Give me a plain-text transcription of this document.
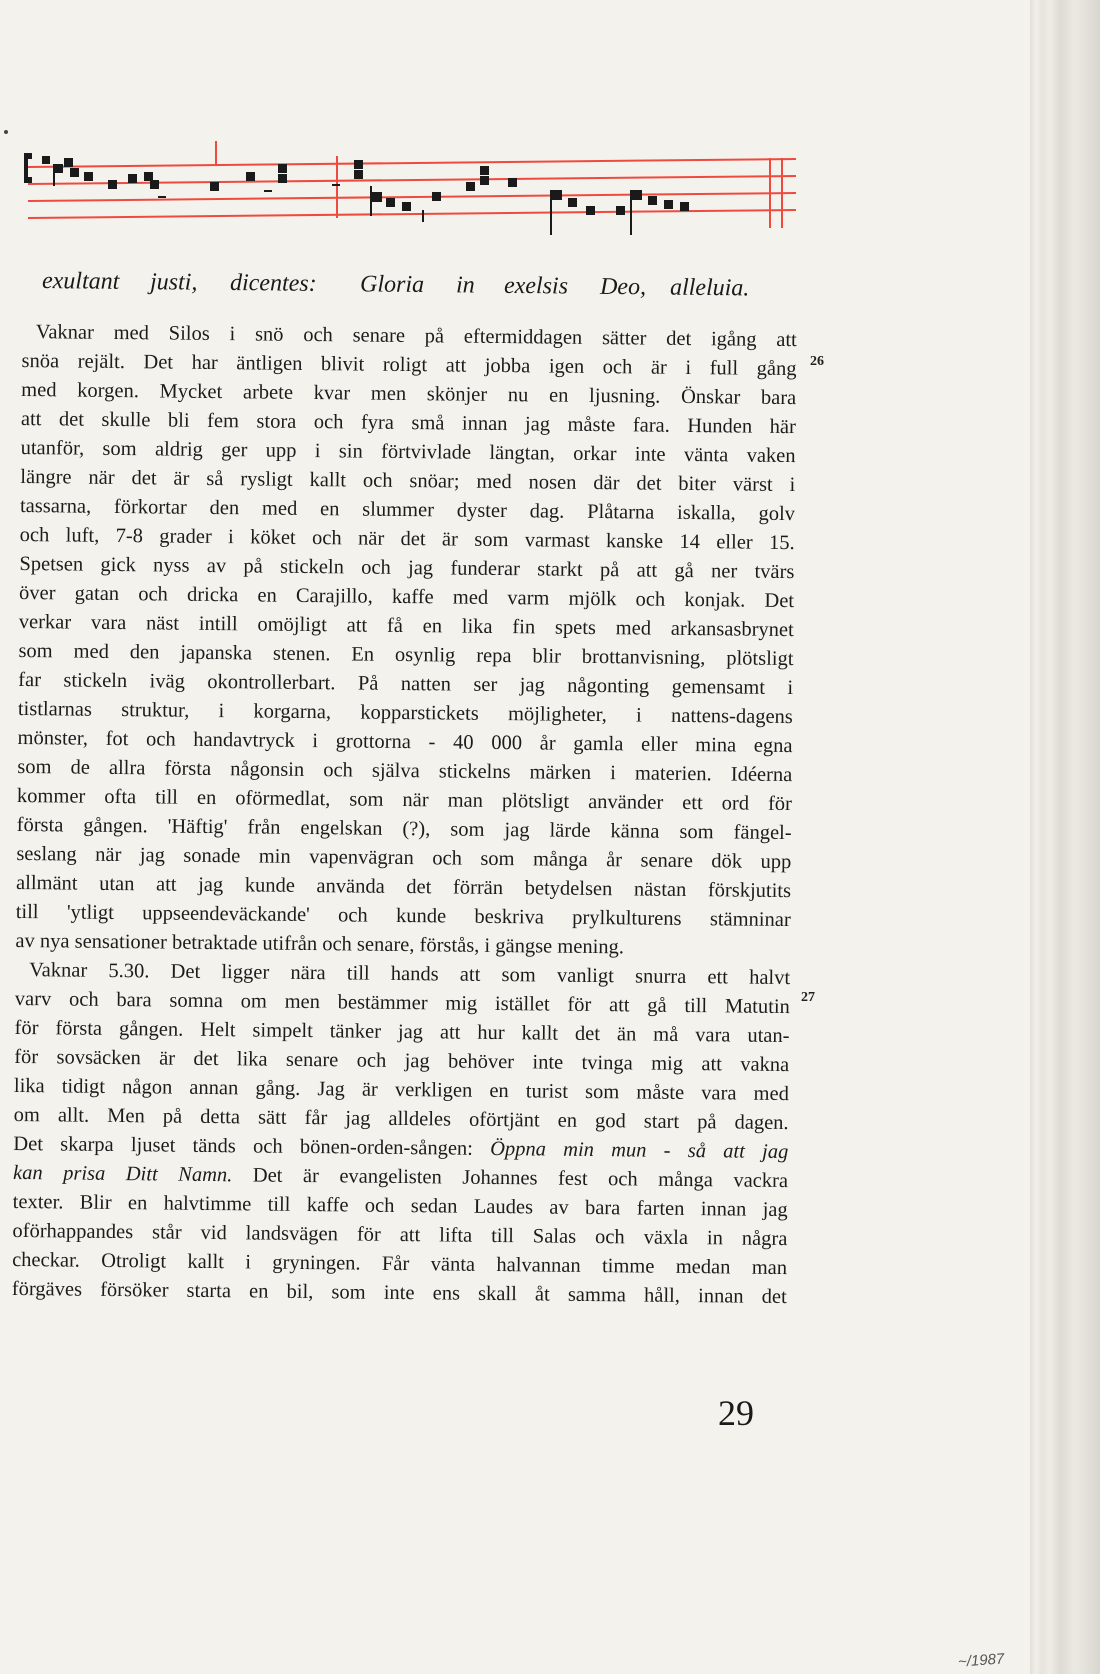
exultant justi, dicentes: Gloria in exelsis Deo, alleluia.
Vaknar med Silos i snö och senare på eftermiddagen sätter det igång att
snöa rejält. Det har äntligen blivit roligt att jobba igen och är i full gång
med korgen. Mycket arbete kvar men skönjer nu en ljusning. Önskar bara
att det skulle bli fem stora och fyra små innan jag måste fara. Hunden här
utanför, som aldrig ger upp i sin förtvivlade längtan, orkar inte vänta vaken
längre när det är så rysligt kallt och snöar; med nosen där det biter värst i
tassarna, förkortar den med en slummer dyster dag. Plåtarna iskalla, golv
och luft, 7-8 grader i köket och när det är som varmast kanske 14 eller 15.
Spetsen gick nyss av på stickeln och jag funderar starkt på att gå ner tvärs
över gatan och dricka en Carajillo, kaffe med varm mjölk och konjak. Det
verkar vara näst intill omöjligt att få en lika fin spets med arkansasbrynet
som med den japanska stenen. En osynlig repa blir brottanvisning, plötsligt
far stickeln iväg okontrollerbart. På natten ser jag någonting gemensamt i
tistlarnas struktur, i korgarna, kopparstickets möjligheter, i nattens-dagens
mönster, fot och handavtryck i grottorna - 40 000 år gamla eller mina egna
som de allra första någonsin och själva stickelns märken i materien. Idéerna
kommer ofta till en oförmedlat, som när man plötsligt använder ett ord för
första gången. 'Häftig' från engelskan (?), som jag lärde känna som fängel-
seslang när jag sonade min vapenvägran och som många år senare dök upp
allmänt utan att jag kunde använda det förrän betydelsen nästan förskjutits
till 'ytligt uppseendeväckande' och kunde beskriva prylkulturens stämninar
av nya sensationer betraktade utifrån och senare, förstås, i gängse mening.
Vaknar 5.30. Det ligger nära till hands att som vanligt snurra ett halvt
varv och bara somna om men bestämmer mig istället för att gå till Matutin
för första gången. Helt simpelt tänker jag att hur kallt det än må vara utan-
för sovsäcken är det lika senare och jag behöver inte tvinga mig att vakna
lika tidigt någon annan gång. Jag är verkligen en turist som måste vara med
om allt. Men på detta sätt får jag alldeles oförtjänt en god start på dagen.
Det skarpa ljuset tänds och bönen-orden-sången: Öppna min mun - så att jag
kan prisa Ditt Namn. Det är evangelisten Johannes fest och många vackra
texter. Blir en halvtimme till kaffe och sedan Laudes av bara farten innan jag
oförhappandes står vid landsvägen för att lifta till Salas och växla in några
checkar. Otroligt kallt i gryningen. Får vänta halvannan timme medan man
förgäves försöker starta en bil, som inte ens skall åt samma håll, innan det
26
27
29
~/1987
